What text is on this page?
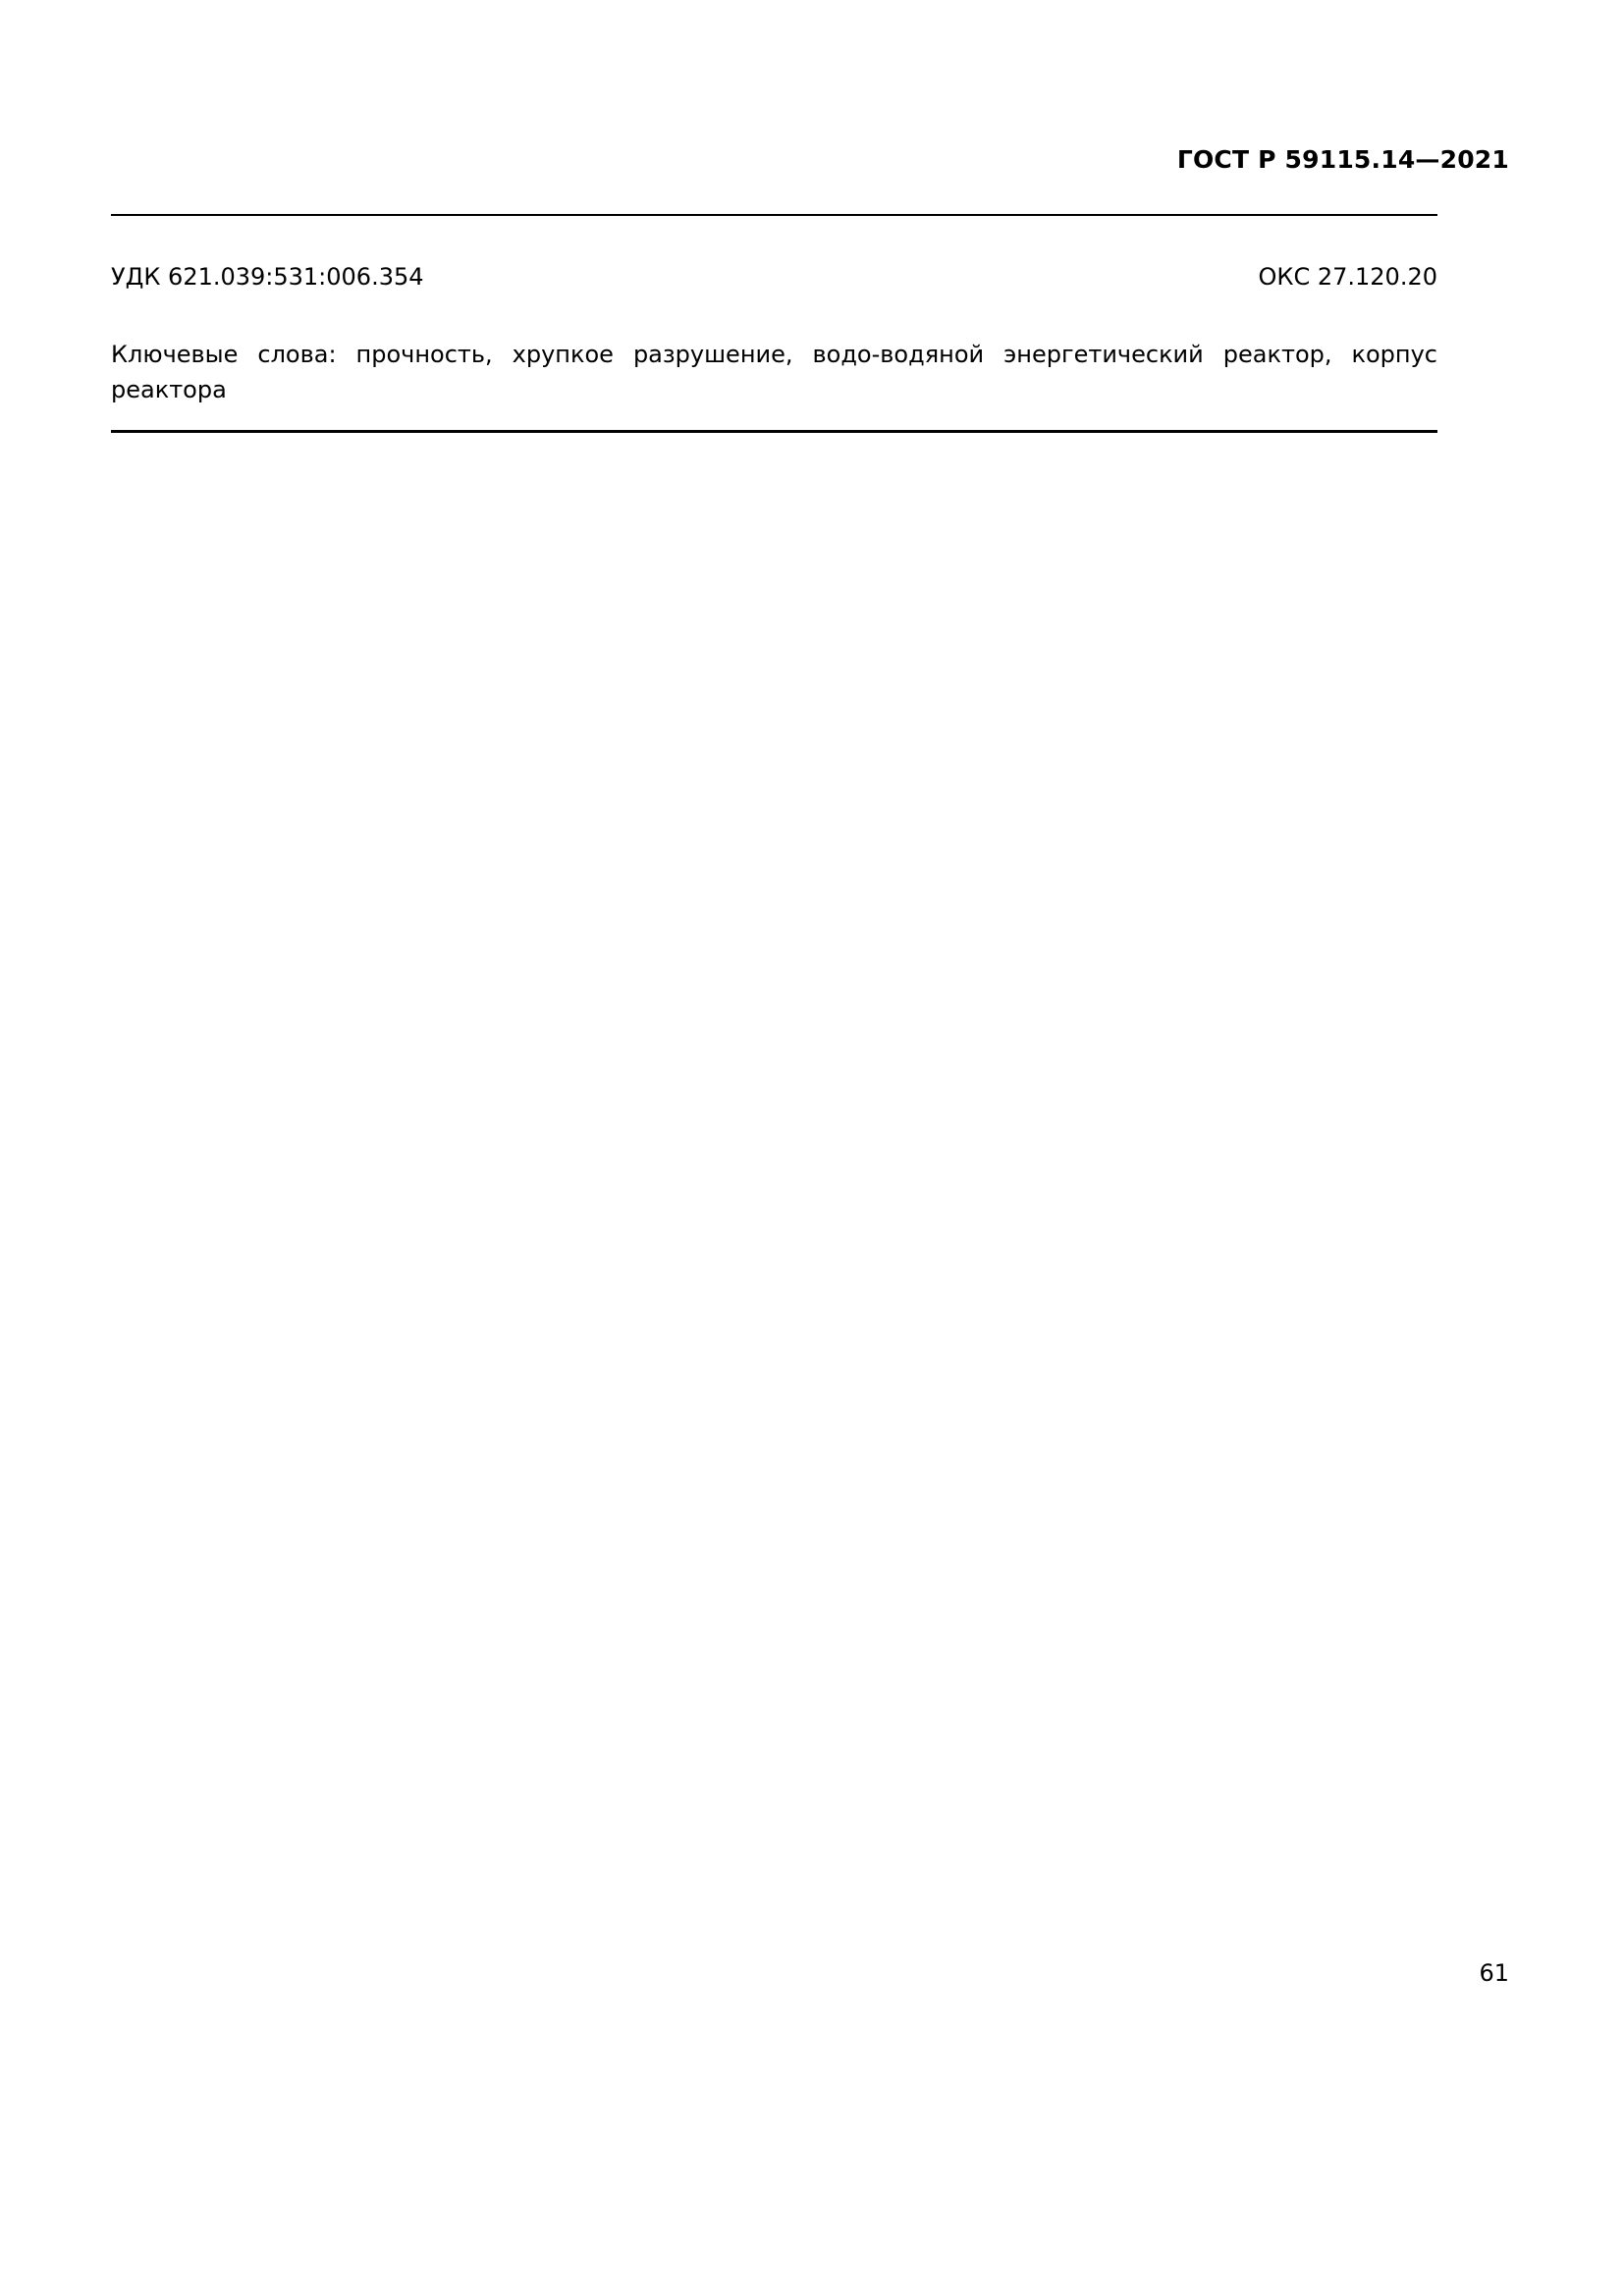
ГОСТ Р 59115.14—2021
УДК 621.039:531:006.354	ОКС 27.120.20
Ключевые слова: прочность, хрупкое разрушение, водо-водяной энергетический реактор, корпус реактора
61
